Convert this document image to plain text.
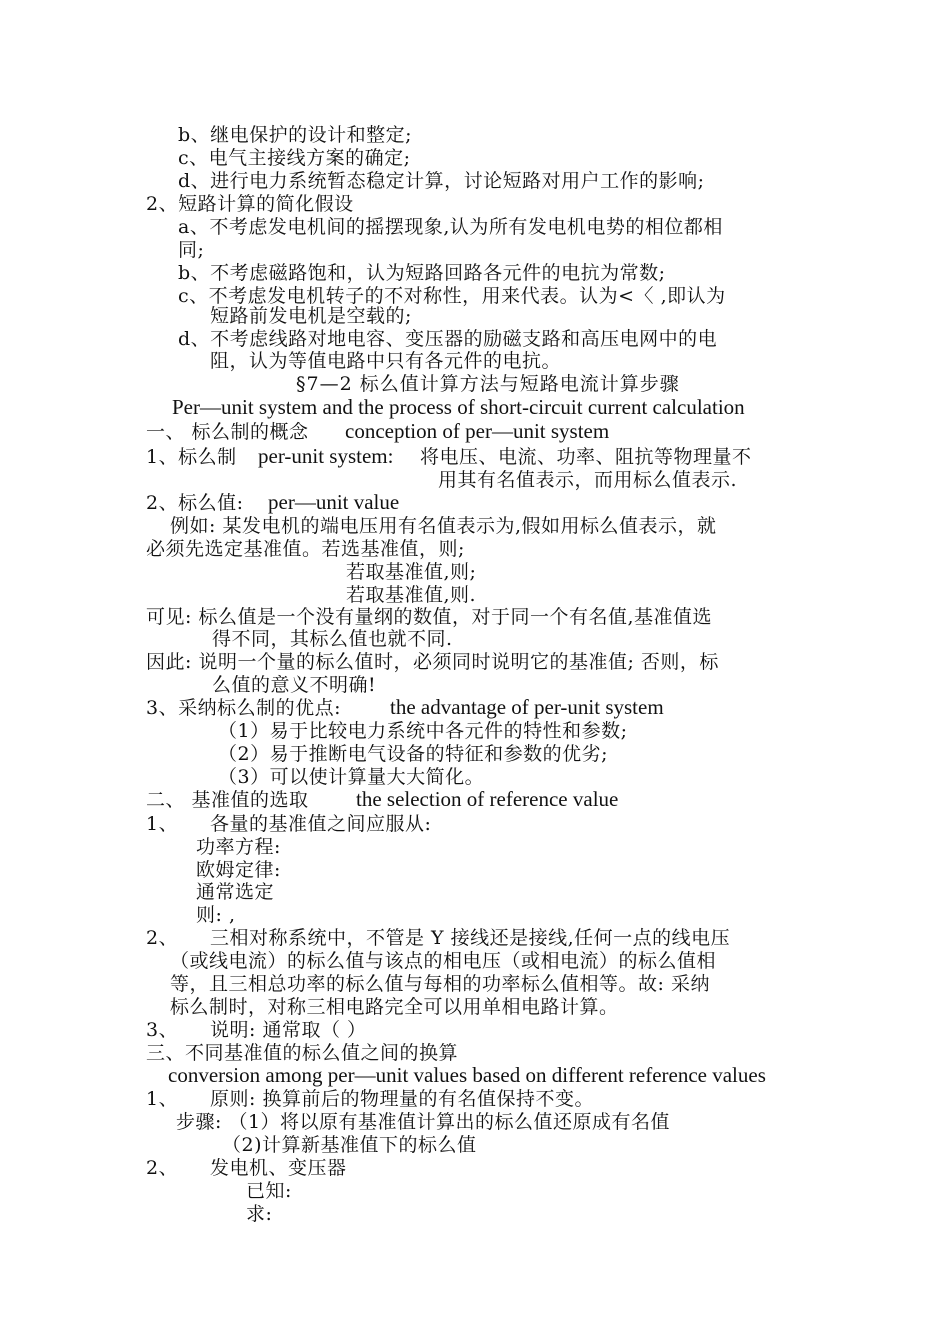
b、继电保护的设计和整定;
c、电气主接线方案的确定;
d、进行电力系统暂态稳定计算，讨论短路对用户工作的影响;
2、短路计算的简化假设
a、不考虑发电机间的摇摆现象,认为所有发电机电势的相位都相
同;
b、不考虑磁路饱和，认为短路回路各元件的电抗为常数;
c、不考虑发电机转子的不对称性，用来代表。认为<〈 ,即认为
短路前发电机是空载的;
d、不考虑线路对地电容、变压器的励磁支路和高压电网中的电
阻，认为等值电路中只有各元件的电抗。
§7—2 标么值计算方法与短路电流计算步骤
Per—unit system and the process of short-circuit current calculation
一、 标么制的概念 conception of per—unit system
1、标么制 per-unit system: 将电压、电流、功率、阻抗等物理量不
用其有名值表示，而用标么值表示.
2、标么值: per—unit value
例如: 某发电机的端电压用有名值表示为,假如用标么值表示，就
必须先选定基准值。若选基准值，则;
若取基准值,则;
若取基准值,则.
可见: 标么值是一个没有量纲的数值，对于同一个有名值,基准值选
得不同，其标么值也就不同.
因此: 说明一个量的标么值时，必须同时说明它的基准值; 否则，标
么值的意义不明确!
3、采纳标么制的优点: the advantage of per-unit system
（1）易于比较电力系统中各元件的特性和参数;
（2）易于推断电气设备的特征和参数的优劣;
（3）可以使计算量大大简化。
二、 基准值的选取 the selection of reference value
1、 各量的基准值之间应服从:
功率方程:
欧姆定律:
通常选定
则: ,
2、 三相对称系统中，不管是 Y 接线还是接线,任何一点的线电压
（或线电流）的标么值与该点的相电压（或相电流）的标么值相
等，且三相总功率的标么值与每相的功率标么值相等。故: 采纳
标么制时，对称三相电路完全可以用单相电路计算。
3、 说明: 通常取（ ）
三、不同基准值的标么值之间的换算
conversion among per—unit values based on different reference values
1、 原则: 换算前后的物理量的有名值保持不变。
步骤: （1）将以原有基准值计算出的标么值还原成有名值
（2)计算新基准值下的标么值
2、 发电机、变压器
已知:
求:
